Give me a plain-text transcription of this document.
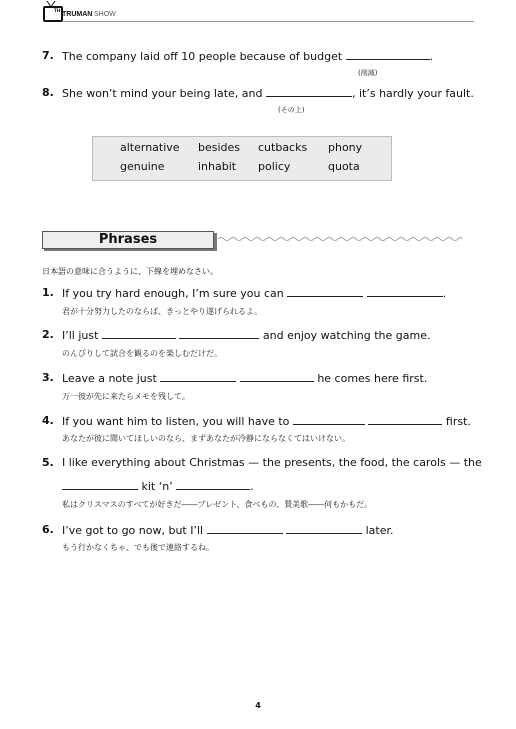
THE
TRUMAN SHOW
7. The company laid off 10 people because of budget	.
(削減)
8. She won’t mind your being late, and	, it’s hardly your fault.
(その上)
alternative besides cutbacks phony
genuine	inhabit policy	quota
Phrases
日本語の意味に合うように、下線を埋めなさい。
1. If you try hard enough, I’m sure you can	.
君が十分努力したのならば、きっとやり遂げられるよ。
2. I’ll just	and enjoy watching the game.
のんびりして試合を観るのを楽しむだけだ。
3. Leave a note just	he comes here first.
万一彼が先に来たらメモを残して。
4. If you want him to listen, you will have to	first.
あなたが彼に聞いてほしいのなら、まずあなたが冷静にならなくてはいけない。
5. I like everything about Christmas — the presents, the food, the carols — the
kit ‘n’	.
私はクリスマスのすべてが好きだ――プレゼント、食べもの、賛美歌――何もかもだ。
6. I’ve got to go now, but I’ll	later.
もう行かなくちゃ、でも後で連絡するね。
4
